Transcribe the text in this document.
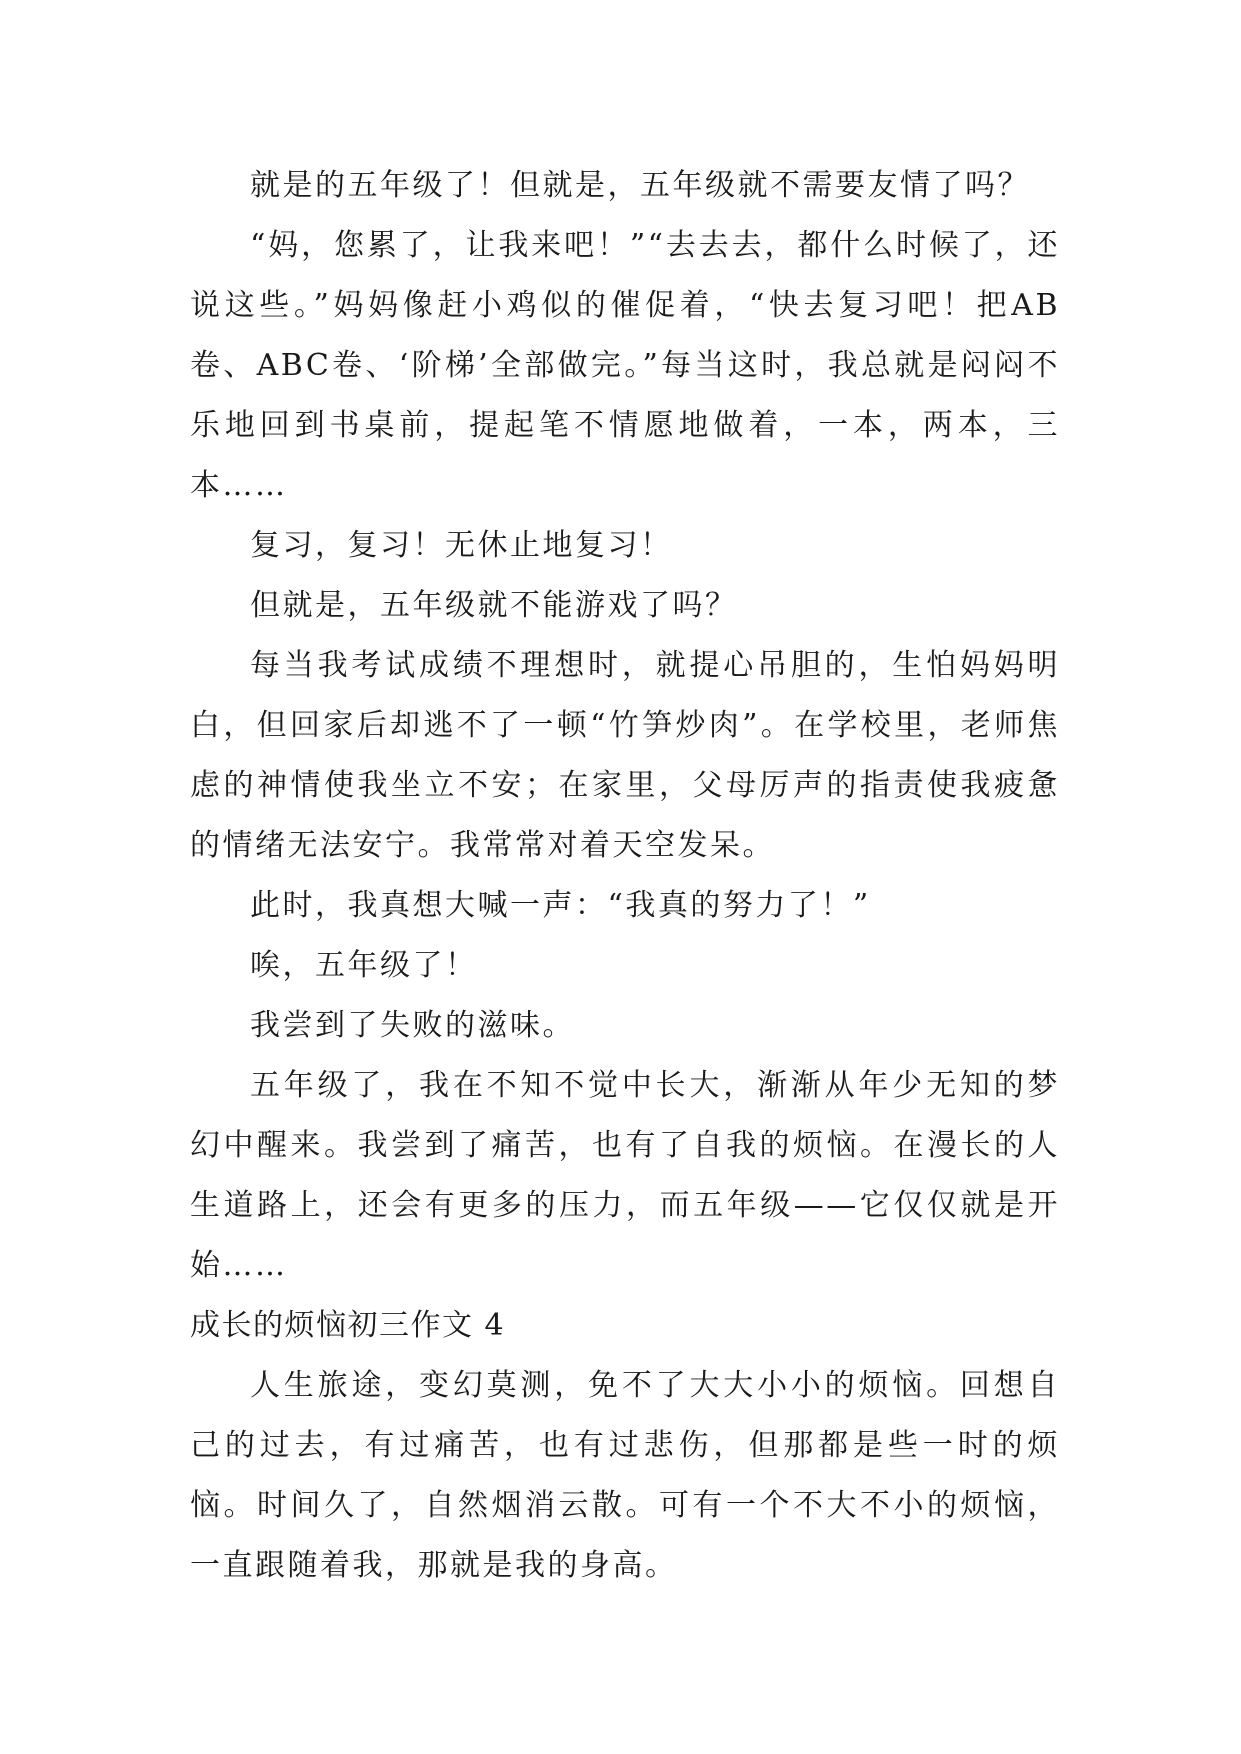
就是的五年级了！但就是，五年级就不需要友情了吗？

“妈，您累了，让我来吧！”“去去去，都什么时候了，还说这些。”妈妈像赶小鸡似的催促着，“快去复习吧！把AB卷、ABC卷、‘阶梯’全部做完。”每当这时，我总就是闷闷不乐地回到书桌前，提起笔不情愿地做着，一本，两本，三本……

复习，复习！无休止地复习！

但就是，五年级就不能游戏了吗？

每当我考试成绩不理想时，就提心吊胆的，生怕妈妈明白，但回家后却逃不了一顿“竹笋炒肉”。在学校里，老师焦虑的神情使我坐立不安；在家里，父母厉声的指责使我疲惫的情绪无法安宁。我常常对着天空发呆。

此时，我真想大喊一声：“我真的努力了！”

唉，五年级了！

我尝到了失败的滋味。

五年级了，我在不知不觉中长大，渐渐从年少无知的梦幻中醒来。我尝到了痛苦，也有了自我的烦恼。在漫长的人生道路上，还会有更多的压力，而五年级——它仅仅就是开始……

成长的烦恼初三作文 4

人生旅途，变幻莫测，免不了大大小小的烦恼。回想自己的过去，有过痛苦，也有过悲伤，但那都是些一时的烦恼。时间久了，自然烟消云散。可有一个不大不小的烦恼，一直跟随着我，那就是我的身高。
